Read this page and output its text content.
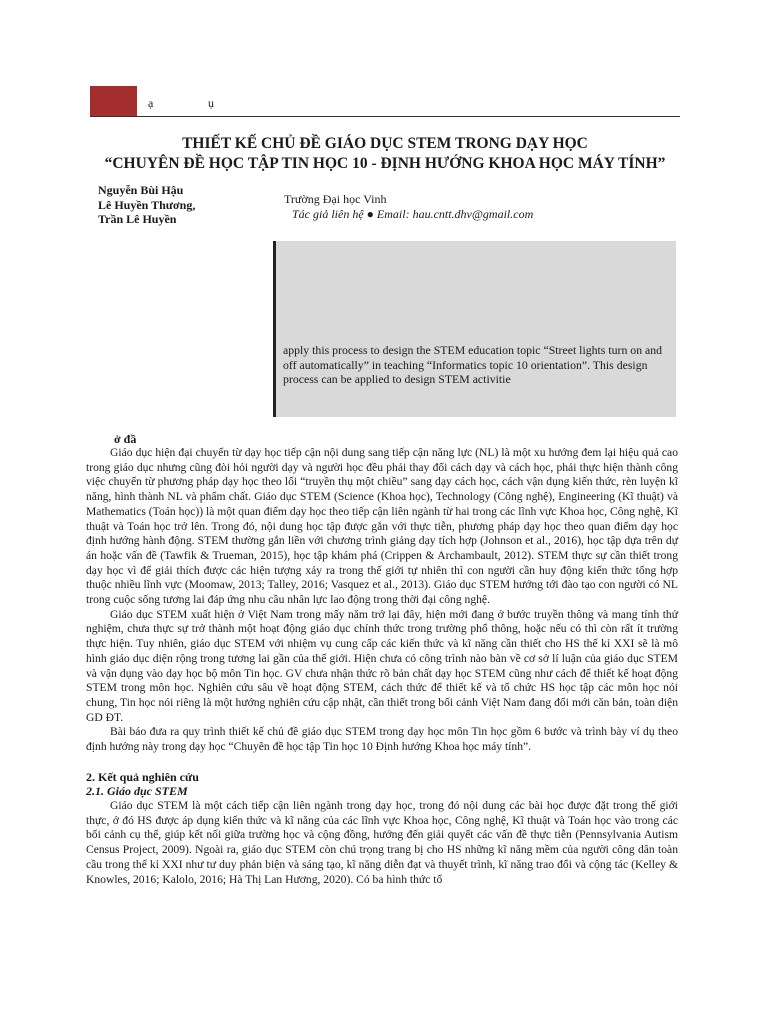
ạ	ụ
THIẾT KẾ CHỦ ĐỀ GIÁO DỤC STEM TRONG DẠY HỌC
“CHUYÊN ĐỀ HỌC TẬP TIN HỌC 10 - ĐỊNH HƯỚNG KHOA HỌC MÁY TÍNH”
Nguyễn Bùi Hậu
Lê Huyền Thương,
Trần Lê Huyền
Trường Đại học Vinh
Tác giả liên hệ ● Email: hau.cntt.dhv@gmail.com
apply this process to design the STEM education topic “Street lights turn on and off automatically” in teaching “Informatics topic 10 orientation”. This design process can be applied to design STEM activitie
ở đầ

Giáo dục hiện đại chuyển từ dạy học tiếp cận nội dung sang tiếp cận năng lực (NL) là một xu hướng đem lại hiệu quả cao trong giáo dục nhưng cũng đòi hỏi người dạy và người học đều phải thay đổi cách dạy và cách học, phải thực hiện thành công việc chuyển từ phương pháp dạy học theo lối “truyền thụ một chiều” sang dạy cách học, cách vận dụng kiến thức, rèn luyện kĩ năng, hình thành NL và phẩm chất. Giáo dục STEM (Science (Khoa học), Technology (Công nghệ), Engineering (Kĩ thuật) và Mathematics (Toán học)) là một quan điểm dạy học theo tiếp cận liên ngành từ hai trong các lĩnh vực Khoa học, Công nghệ, Kĩ thuật và Toán học trở lên. Trong đó, nội dung học tập được gắn với thực tiễn, phương pháp dạy học theo quan điểm dạy học định hướng hành động. STEM thường gắn liền với chương trình giảng dạy tích hợp (Johnson et al., 2016), học tập dựa trên dự án hoặc vấn đề (Tawfik & Trueman, 2015), học tập khám phá (Crippen & Archambault, 2012). STEM thực sự cần thiết trong dạy học vì để giải thích được các hiện tượng xảy ra trong thế giới tự nhiên thì con người cần huy động kiến thức tổng hợp thuộc nhiều lĩnh vực (Moomaw, 2013; Talley, 2016; Vasquez et al., 2013). Giáo dục STEM hướng tới đào tạo con người có NL trong cuộc sống tương lai đáp ứng nhu cầu nhân lực lao động trong thời đại công nghệ.

Giáo dục STEM xuất hiện ở Việt Nam trong mấy năm trở lại đây, hiện mới đang ở bước truyền thông và mang tính thử nghiệm, chưa thực sự trở thành một hoạt động giáo dục chính thức trong trường phổ thông, hoặc nếu có thì còn rất ít trường thực hiện. Tuy nhiên, giáo dục STEM với nhiệm vụ cung cấp các kiến thức và kĩ năng cần thiết cho HS thế kỉ XXI sẽ là mô hình giáo dục diện rộng trong tương lai gần của thế giới. Hiện chưa có công trình nào bàn về cơ sở lí luận của giáo dục STEM và vận dụng vào dạy học bộ môn Tin học. GV chưa nhận thức rõ bản chất dạy học STEM cũng như cách để thiết kế hoạt động STEM trong môn học. Nghiên cứu sâu về hoạt động STEM, cách thức để thiết kế và tổ chức HS học tập các môn học nói chung, Tin học nói riêng là một hướng nghiên cứu cập nhật, cần thiết trong bối cảnh Việt Nam đang đổi mới căn bản, toàn diện GD ĐT.

Bài báo đưa ra quy trình thiết kế chủ đề giáo dục STEM trong dạy học môn Tin học gồm 6 bước và trình bày ví dụ theo định hướng này trong dạy học “Chuyên đề học tập Tin học 10 Định hướng Khoa học máy tính”.

2. Kết quả nghiên cứu
2.1. Giáo dục STEM

Giáo dục STEM là một cách tiếp cận liên ngành trong dạy học, trong đó nội dung các bài học được đặt trong thế giới thực, ở đó HS được áp dụng kiến thức và kĩ năng của các lĩnh vực Khoa học, Công nghệ, Kĩ thuật và Toán học vào trong các bối cảnh cụ thể, giúp kết nối giữa trường học và cộng đồng, hướng đến giải quyết các vấn đề thực tiễn (Pennsylvania Autism Census Project, 2009). Ngoài ra, giáo dục STEM còn chú trọng trang bị cho HS những kĩ năng mềm của người công dân toàn cầu trong thế kỉ XXI như tư duy phản biện và sáng tạo, kĩ năng diễn đạt và thuyết trình, kĩ năng trao đổi và cộng tác (Kelley & Knowles, 2016; Kalolo, 2016; Hà Thị Lan Hương, 2020). Có ba hình thức tổ
